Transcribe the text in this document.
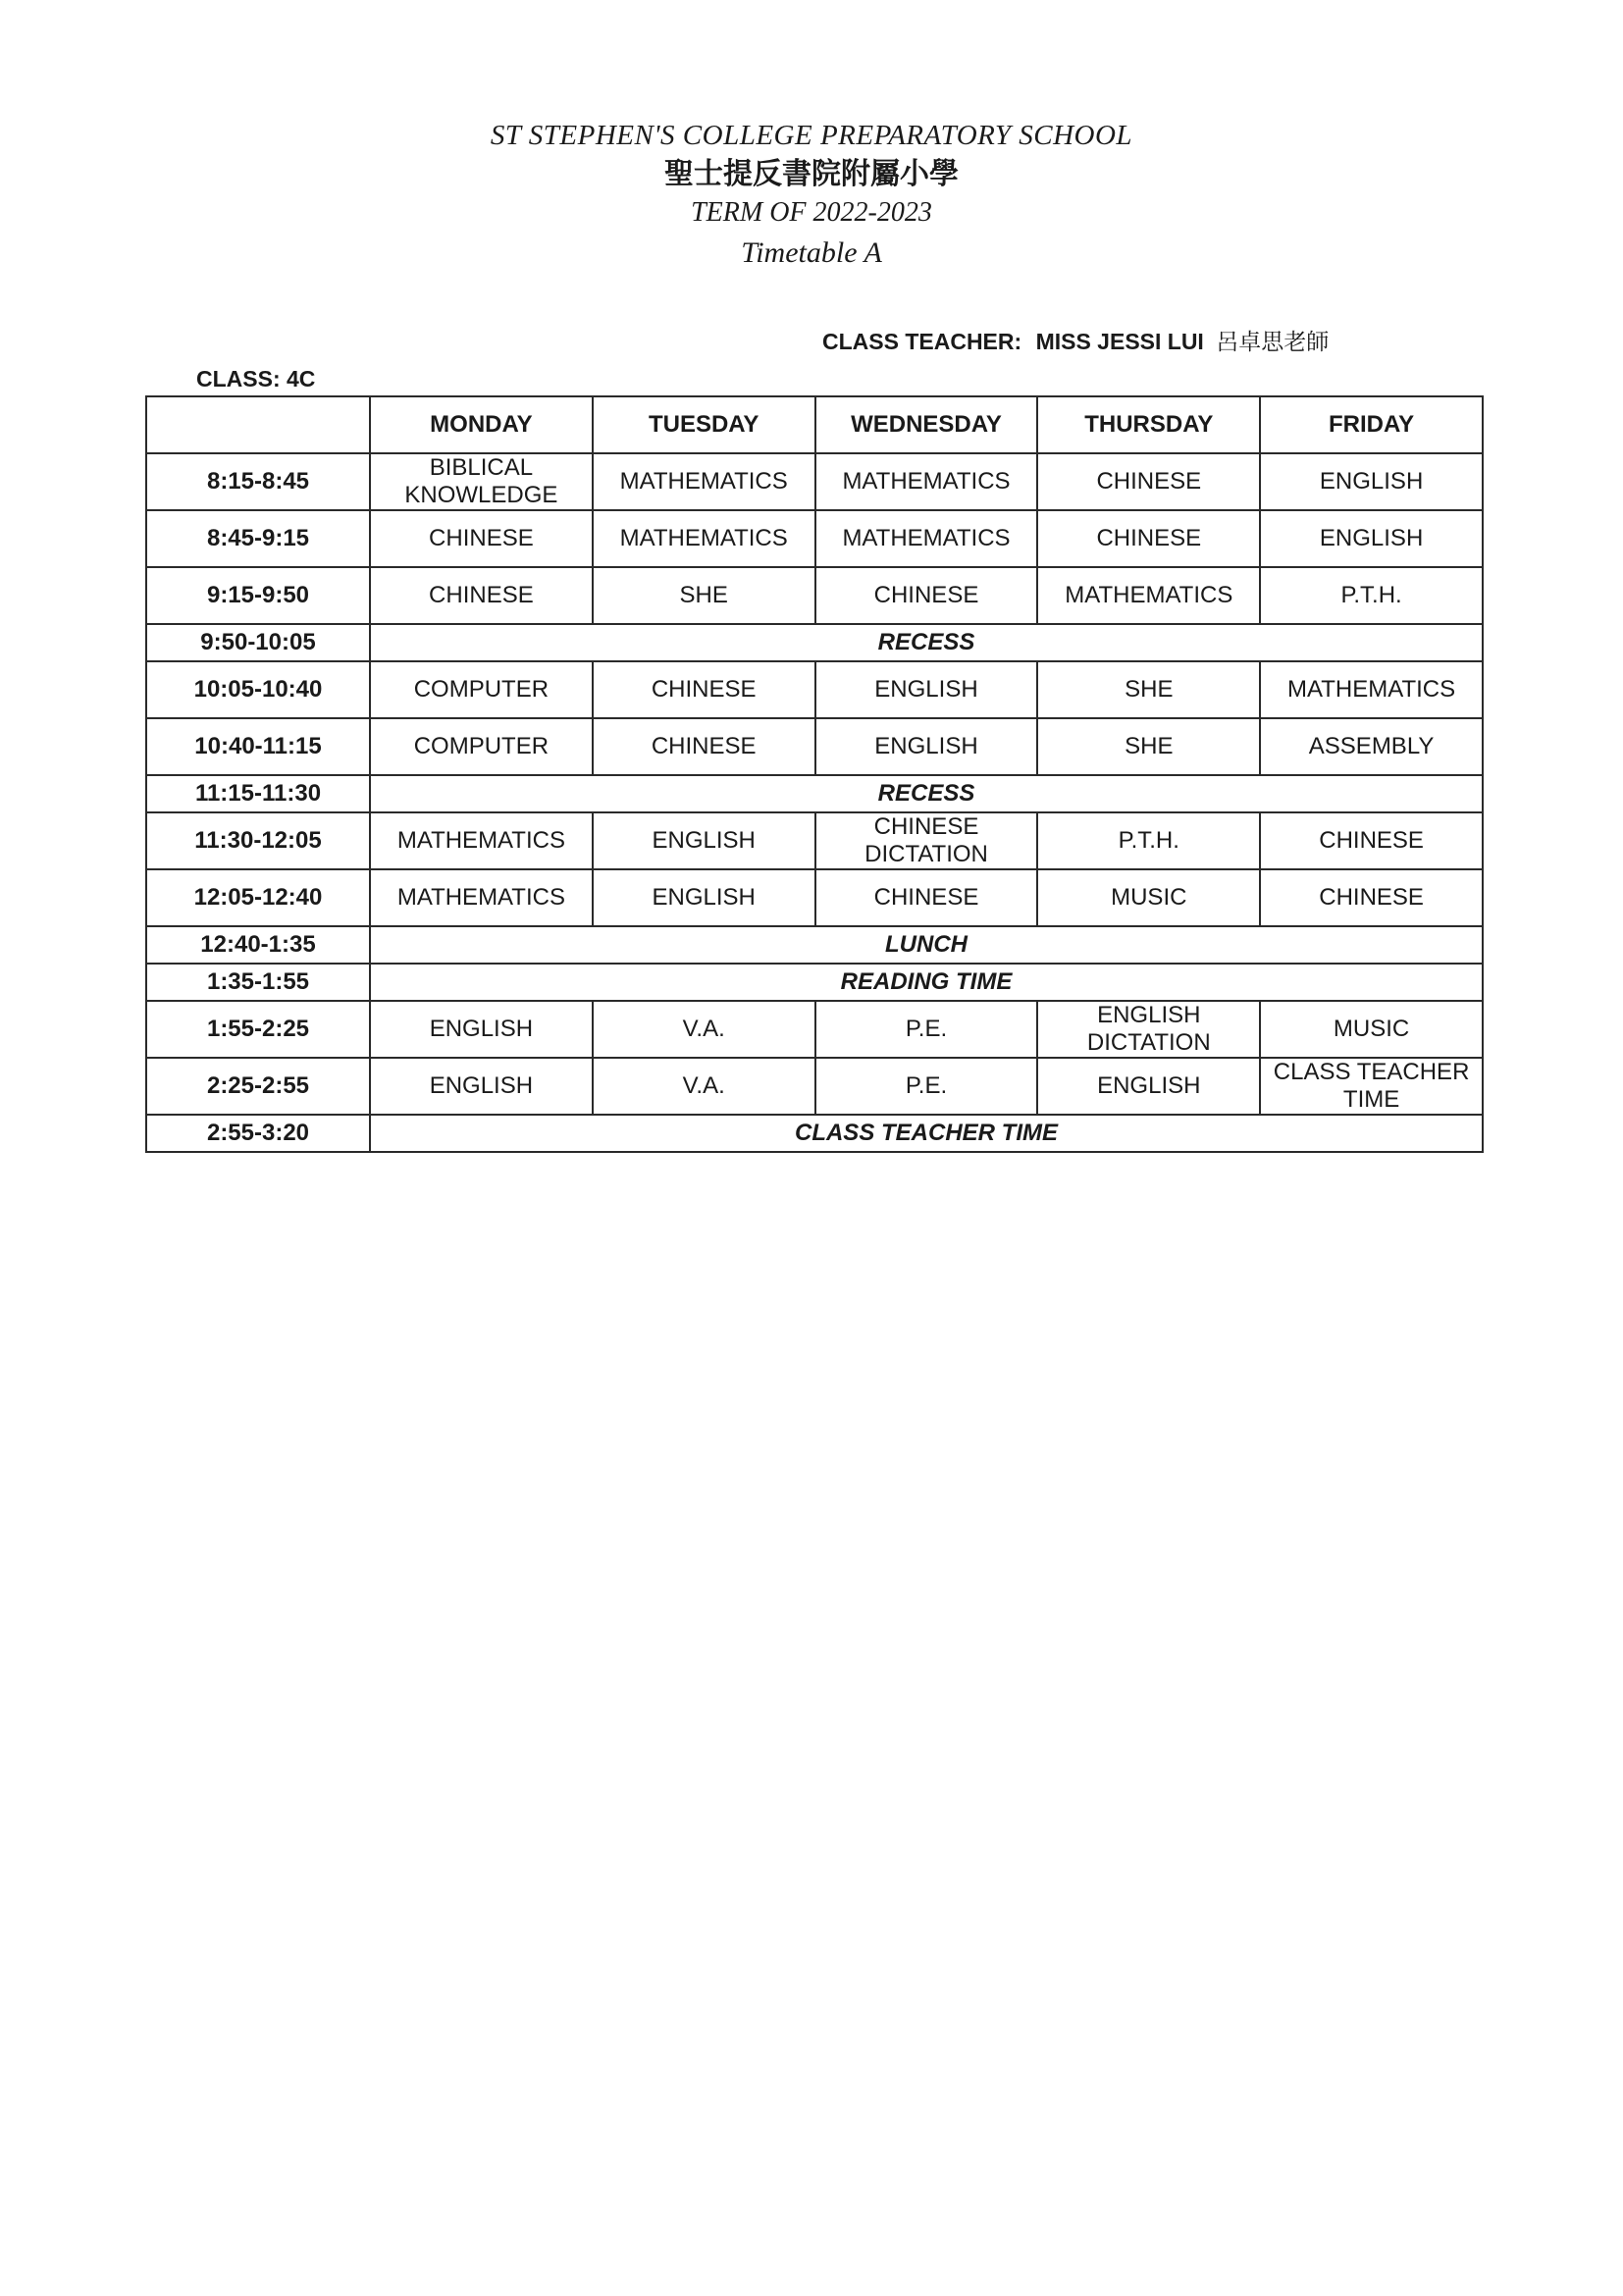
ST STEPHEN'S COLLEGE PREPARATORY SCHOOL
聖士提反書院附屬小學
TERM OF 2022-2023
Timetable A
CLASS TEACHER: MISS JESSI LUI 呂卓思老師
CLASS: 4C
	MONDAY	TUESDAY	WEDNESDAY	THURSDAY	FRIDAY
8:15-8:45	BIBLICAL KNOWLEDGE	MATHEMATICS	MATHEMATICS	CHINESE	ENGLISH
8:45-9:15	CHINESE	MATHEMATICS	MATHEMATICS	CHINESE	ENGLISH
9:15-9:50	CHINESE	SHE	CHINESE	MATHEMATICS	P.T.H.
9:50-10:05	RECESS				
10:05-10:40	COMPUTER	CHINESE	ENGLISH	SHE	MATHEMATICS
10:40-11:15	COMPUTER	CHINESE	ENGLISH	SHE	ASSEMBLY
11:15-11:30	RECESS				
11:30-12:05	MATHEMATICS	ENGLISH	CHINESE DICTATION	P.T.H.	CHINESE
12:05-12:40	MATHEMATICS	ENGLISH	CHINESE	MUSIC	CHINESE
12:40-1:35	LUNCH				
1:35-1:55	READING TIME				
1:55-2:25	ENGLISH	V.A.	P.E.	ENGLISH DICTATION	MUSIC
2:25-2:55	ENGLISH	V.A.	P.E.	ENGLISH	CLASS TEACHER TIME
2:55-3:20	CLASS TEACHER TIME				
